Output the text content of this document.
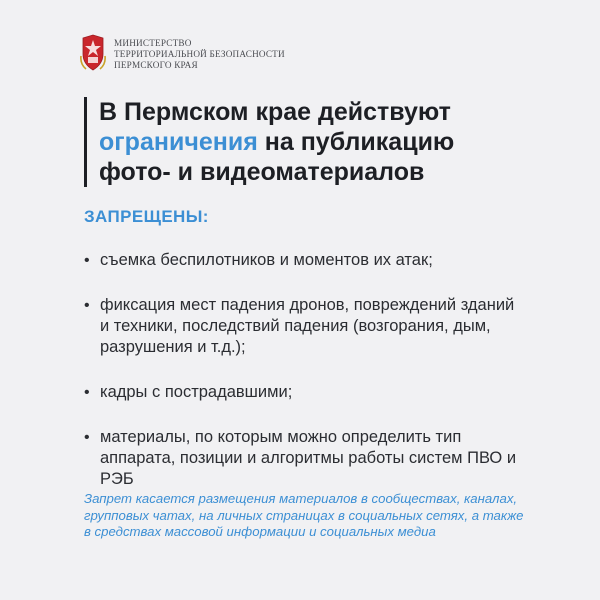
МИНИСТЕРСТВО
ТЕРРИТОРИАЛЬНОЙ БЕЗОПАСНОСТИ
ПЕРМСКОГО КРАЯ
В Пермском крае действуют
ограничения на публикацию
фото- и видеоматериалов
ЗАПРЕЩЕНЫ:
• съемка беспилотников и моментов их атак;
• фиксация мест падения дронов, повреждений зданий и техники, последствий падения (возгорания, дым, разрушения и т.д.);
• кадры с пострадавшими;
• материалы, по которым можно определить тип аппарата, позиции и алгоритмы работы систем ПВО и РЭБ
Запрет касается размещения материалов в сообществах, каналах, групповых чатах, на личных страницах в социальных сетях, а также в средствах массовой информации и социальных медиа
